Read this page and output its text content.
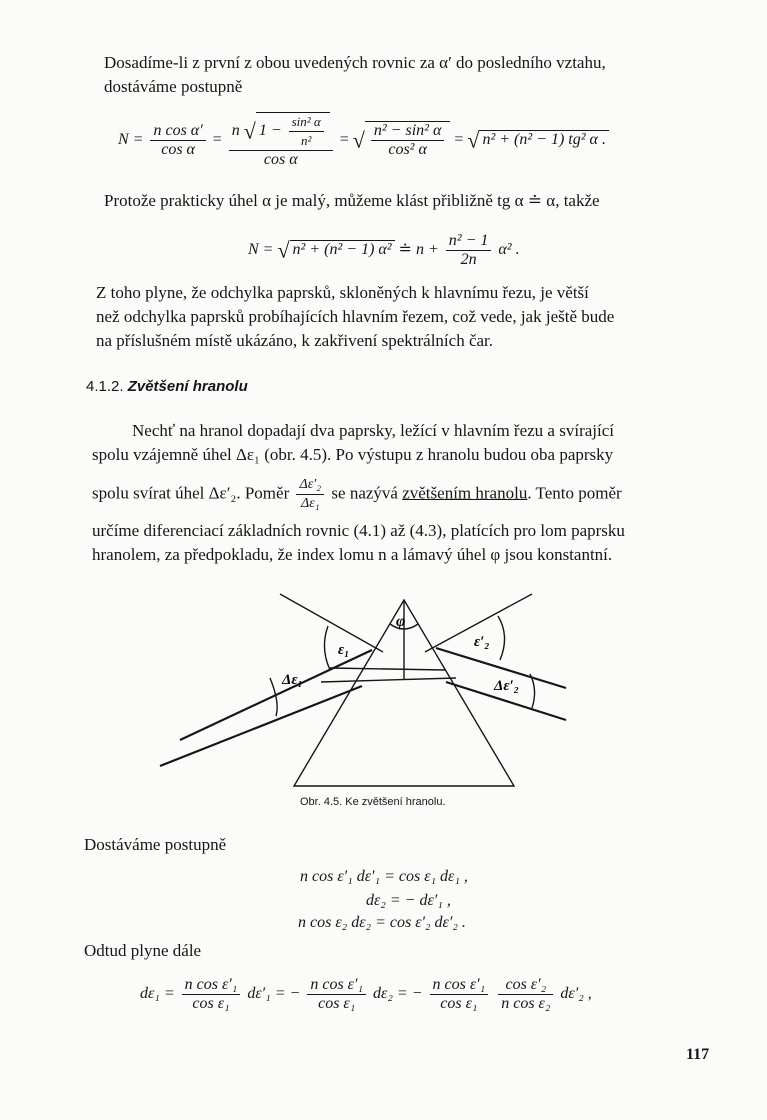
Dosadíme-li z první z obou uvedených rovnic za α′ do posledního vztahu,

dostáváme postupně

$N = \frac{\text{n cos α′}}{\text{cos α}}$ =
n √ $1 - \frac{\text{sin² α}}{\text{n²}}$
cos α
= √ $\frac{\text{n² − sin² α}}{\text{cos² α}}$ = √ n² + (n² − 1) tg² α .

Protože prakticky úhel α je malý, můžeme klást přibližně tg α ≐ α, takže

N = √ n² + (n² − 1) α² ≐ $n + \frac{\text{n² − 1}}{2n} \alpha^2$ .

Z toho plyne, že odchylka paprsků, skloněných k hlavnímu řezu, je větší

než odchylka paprsků probíhajících hlavním řezem, což vede, jak ještě bude

na příslušném místě ukázáno, k zakřivení spektrálních čar.

4.1.2. Zvětšení hranolu

Nechť na hranol dopadají dva paprsky, ležící v hlavním řezu a svírající

spolu vzájemně úhel Δε₁ (obr. 4.5). Po výstupu z hranolu budou oba paprsky

spolu svírat úhel Δε′₂. Poměr $\frac{\text{Δε′₂}}{\text{Δε₁}}$ se nazývá zvětšením hranolu. Tento poměr

určíme diferenciací základních rovnic (4.1) až (4.3), platících pro lom paprsku

hranolem, za předpokladu, že index lomu n a lámavý úhel φ jsou konstantní.

φ
ε₁	ε′₂
Δε₁	Δε′₂
Obr. 4.5. Ke zvětšení hranolu.

Dostáváme postupně

n cos ε′₁ dε′₁ = cos ε₁ dε₁ ,
dε₂ = − dε′₁ ,
n cos ε₂ dε₂ = cos ε′₂ dε′₂ .

Odtud plyne dále

$d\varepsilon_1 = \frac{\text{n cos ε′₁}}{\text{cos ε₁}} d\varepsilon'_1$ = − $\frac{\text{n cos ε′₁}}{\text{cos ε₁}} d\varepsilon_2$ = − $\frac{\text{n cos ε′₁}}{\text{cos ε₁}}$
$\frac{\text{cos ε′₂}}{\text{n cos ε₂}} d\varepsilon'_2$ ,
117
